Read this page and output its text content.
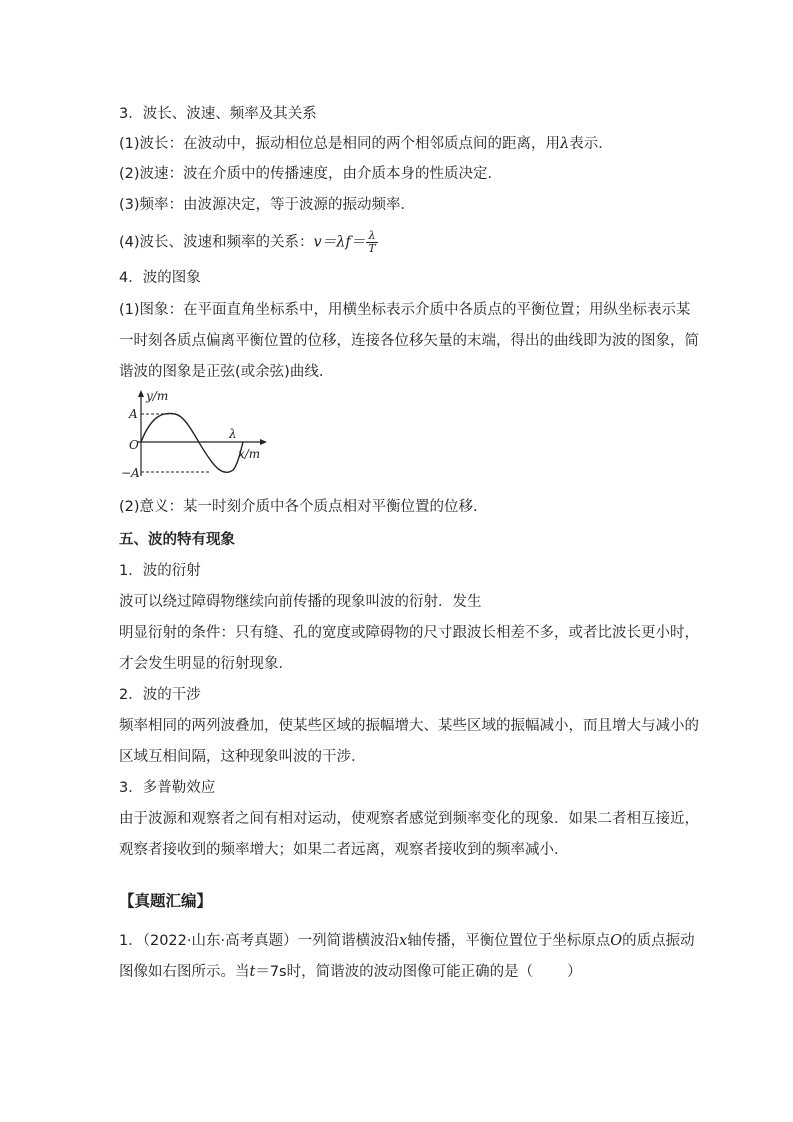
3．波长、波速、频率及其关系
(1)波长：在波动中，振动相位总是相同的两个相邻质点间的距离，用λ表示．
(2)波速：波在介质中的传播速度，由介质本身的性质决定．
(3)频率：由波源决定，等于波源的振动频率．
(4)波长、波速和频率的关系：$v=\lambda f= \frac{\lambda}{T}$
4．波的图象
(1)图象：在平面直角坐标系中，用横坐标表示介质中各质点的平衡位置；用纵坐标表示某
一时刻各质点偏离平衡位置的位移，连接各位移矢量的末端，得出的曲线即为波的图象，简
谐波的图象是正弦(或余弦)曲线．
y/m
A
O
−A
λ
x/m
(2)意义：某一时刻介质中各个质点相对平衡位置的位移．
五、波的特有现象
1．波的衍射
波可以绕过障碍物继续向前传播的现象叫波的衍射．发生
明显衍射的条件：只有缝、孔的宽度或障碍物的尺寸跟波长相差不多，或者比波长更小时，
才会发生明显的衍射现象．
2．波的干涉
频率相同的两列波叠加，使某些区域的振幅增大、某些区域的振幅减小，而且增大与减小的
区域互相间隔，这种现象叫波的干涉．
3．多普勒效应
由于波源和观察者之间有相对运动，使观察者感觉到频率变化的现象．如果二者相互接近，
观察者接收到的频率增大；如果二者远离，观察者接收到的频率减小．
【真题汇编】
1．（2022·山东·高考真题）一列简谐横波沿x轴传播，平衡位置位于坐标原点O的质点振动
图像如右图所示。当t＝7s时，简谐波的波动图像可能正确的是（ ）
